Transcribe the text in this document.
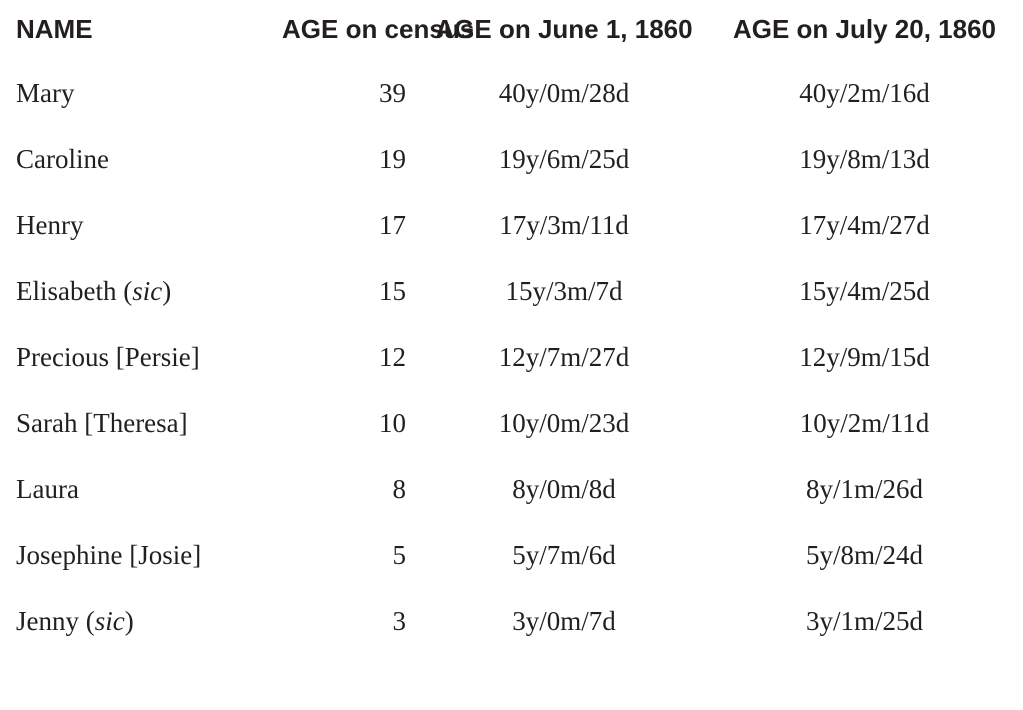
NAME	AGE on census	AGE on June 1, 1860	AGE on July 20, 1860
Mary	39	40y/0m/28d	40y/2m/16d
Caroline	19	19y/6m/25d	19y/8m/13d
Henry	17	17y/3m/11d	17y/4m/27d
Elisabeth (sic)	15	15y/3m/7d	15y/4m/25d
Precious [Persie]	12	12y/7m/27d	12y/9m/15d
Sarah [Theresa]	10	10y/0m/23d	10y/2m/11d
Laura	8	8y/0m/8d	8y/1m/26d
Josephine [Josie]	5	5y/7m/6d	5y/8m/24d
Jenny (sic)	3	3y/0m/7d	3y/1m/25d
